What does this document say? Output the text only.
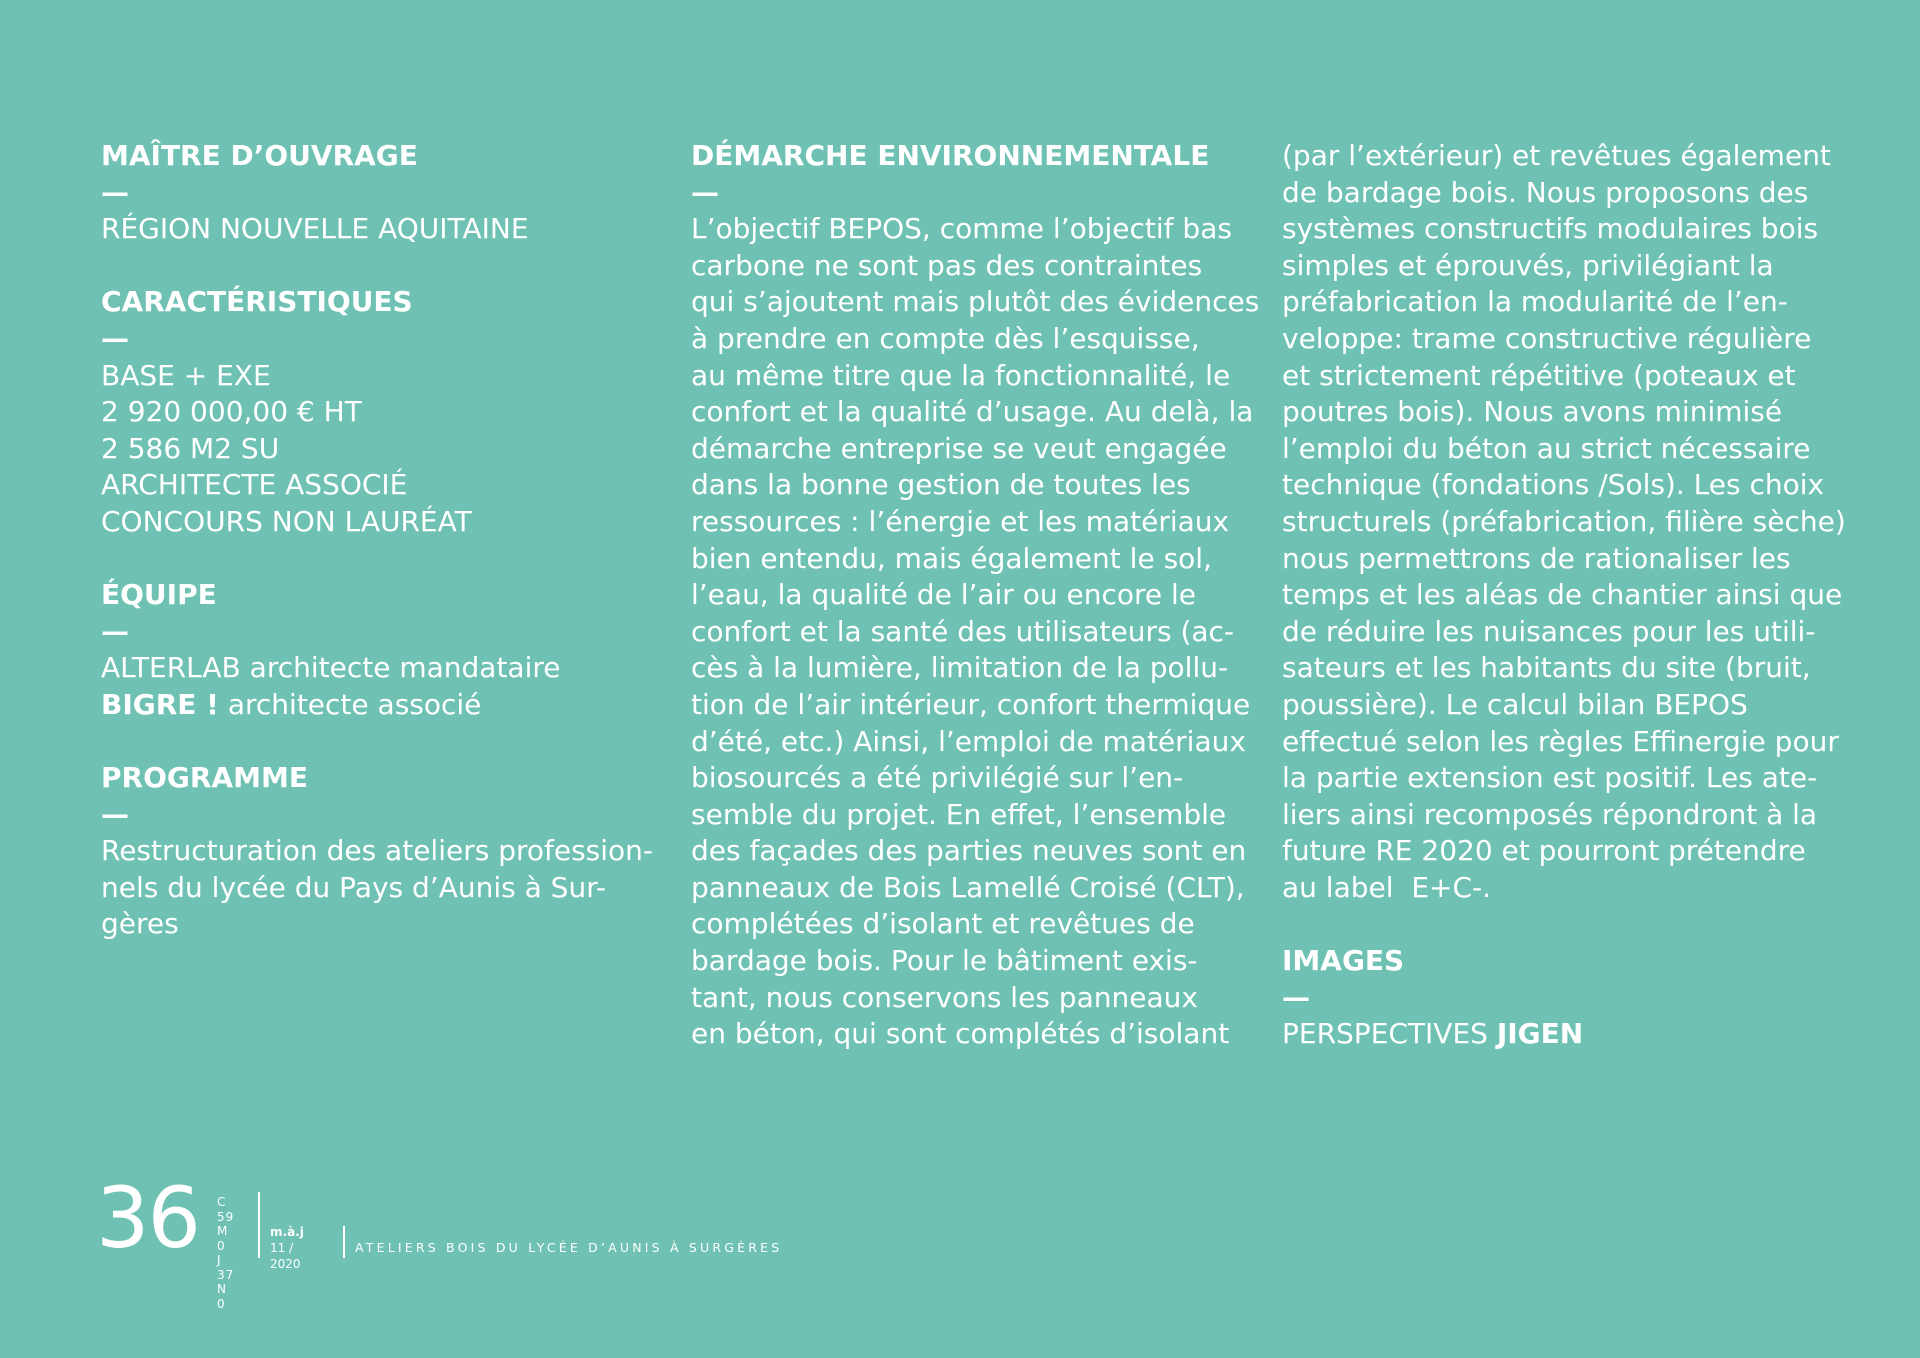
MAÎTRE D’OUVRAGE

—

RÉGION NOUVELLE AQUITAINE

CARACTÉRISTIQUES

—

BASE + EXE

2 920 000,00 € HT

2 586 M2 SU

ARCHITECTE ASSOCIÉ

CONCOURS NON LAURÉAT

ÉQUIPE

—

ALTERLAB architecte mandataire

BIGRE ! architecte associé

PROGRAMME

—

Restructuration des ateliers profession-

nels du lycée du Pays d’Aunis à Sur-

gères

DÉMARCHE ENVIRONNEMENTALE

—

L’objectif BEPOS, comme l’objectif bas

carbone ne sont pas des contraintes

qui s’ajoutent mais plutôt des évidences

à prendre en compte dès l’esquisse,

au même titre que la fonctionnalité, le

confort et la qualité d’usage. Au delà, la

démarche entreprise se veut engagée

dans la bonne gestion de toutes les

ressources : l’énergie et les matériaux

bien entendu, mais également le sol,

l’eau, la qualité de l’air ou encore le

confort et la santé des utilisateurs (ac-

cès à la lumière, limitation de la pollu-

tion de l’air intérieur, confort thermique

d’été, etc.) Ainsi, l’emploi de matériaux

biosourcés a été privilégié sur l’en-

semble du projet. En effet, l’ensemble

des façades des parties neuves sont en

panneaux de Bois Lamellé Croisé (CLT),

complétées d’isolant et revêtues de

bardage bois. Pour le bâtiment exis-

tant, nous conservons les panneaux

en béton, qui sont complétés d’isolant

(par l’extérieur) et revêtues également

de bardage bois. Nous proposons des

systèmes constructifs modulaires bois

simples et éprouvés, privilégiant la

préfabrication la modularité de l’en-

veloppe: trame constructive régulière

et strictement répétitive (poteaux et

poutres bois). Nous avons minimisé

l’emploi du béton au strict nécessaire

technique (fondations /Sols). Les choix

structurels (préfabrication, filière sèche)

nous permettrons de rationaliser les

temps et les aléas de chantier ainsi que

de réduire les nuisances pour les utili-

sateurs et les habitants du site (bruit,

poussière). Le calcul bilan BEPOS

effectué selon les règles Effinergie pour

la partie extension est positif. Les ate-

liers ainsi recomposés répondront à la

future RE 2020 et pourront prétendre

au label  E+C-.

IMAGES

—

PERSPECTIVES JIGEN

36 C 59
M 0
J 37
N 0
m.à.j
11 / 2020
ATELIERS BOIS DU LYCÉE D’AUNIS À SURGÈRES
